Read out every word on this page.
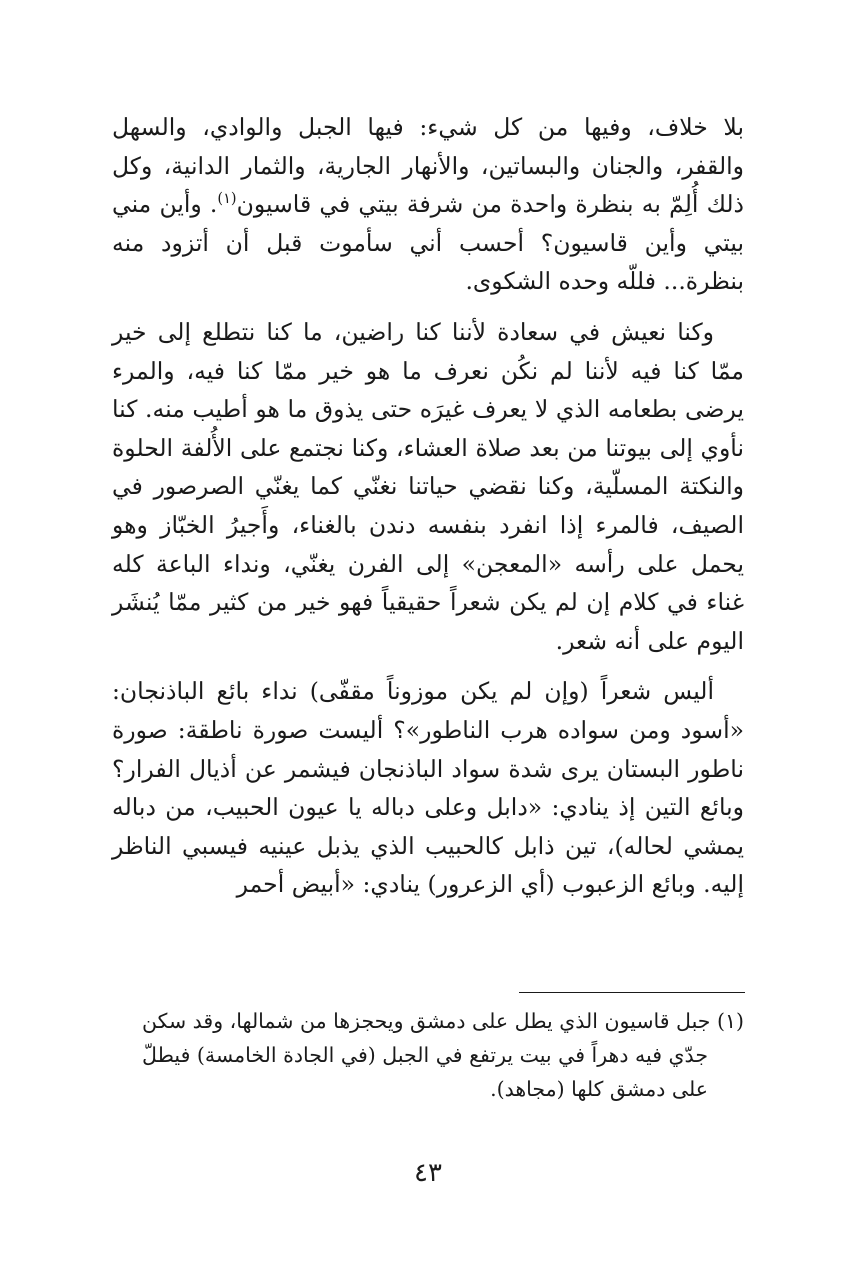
بلا خلاف، وفيها من كل شيء: فيها الجبل والوادي، والسهل والقفر، والجنان والبساتين، والأنهار الجارية، والثمار الدانية، وكل ذلك أُلِمّ به بنظرة واحدة من شرفة بيتي في قاسيون$^{(١)}$. وأين مني بيتي وأين قاسيون؟ أحسب أني سأموت قبل أن أتزود منه بنظرة... فللّه وحده الشكوى.

وكنا نعيش في سعادة لأننا كنا راضين، ما كنا نتطلع إلى خير ممّا كنا فيه لأننا لم نكُن نعرف ما هو خير ممّا كنا فيه، والمرء يرضى بطعامه الذي لا يعرف غيرَه حتى يذوق ما هو أطيب منه. كنا نأوي إلى بيوتنا من بعد صلاة العشاء، وكنا نجتمع على الأُلفة الحلوة والنكتة المسلّية، وكنا نقضي حياتنا نغنّي كما يغنّي الصرصور في الصيف، فالمرء إذا انفرد بنفسه دندن بالغناء، وأَجيرُ الخبّاز وهو يحمل على رأسه «المعجن» إلى الفرن يغنّي، ونداء الباعة كله غناء في كلام إن لم يكن شعراً حقيقياً فهو خير من كثير ممّا يُنشَر اليوم على أنه شعر.

أليس شعراً (وإن لم يكن موزوناً مقفّى) نداء بائع الباذنجان: «أسود ومن سواده هرب الناطور»؟ أليست صورة ناطقة: صورة ناطور البستان يرى شدة سواد الباذنجان فيشمر عن أذيال الفرار؟ وبائع التين إذ ينادي: «دابل وعلى دباله يا عيون الحبيب، من دباله يمشي لحاله)، تين ذابل كالحبيب الذي يذبل عينيه فيسبي الناظر إليه. وبائع الزعبوب (أي الزعرور) ينادي: «أبيض أحمر

(١) جبل قاسيون الذي يطل على دمشق ويحجزها من شمالها، وقد سكن جدّي فيه دهراً في بيت يرتفع في الجبل (في الجادة الخامسة) فيطلّ على دمشق كلها (مجاهد).

٤٣
